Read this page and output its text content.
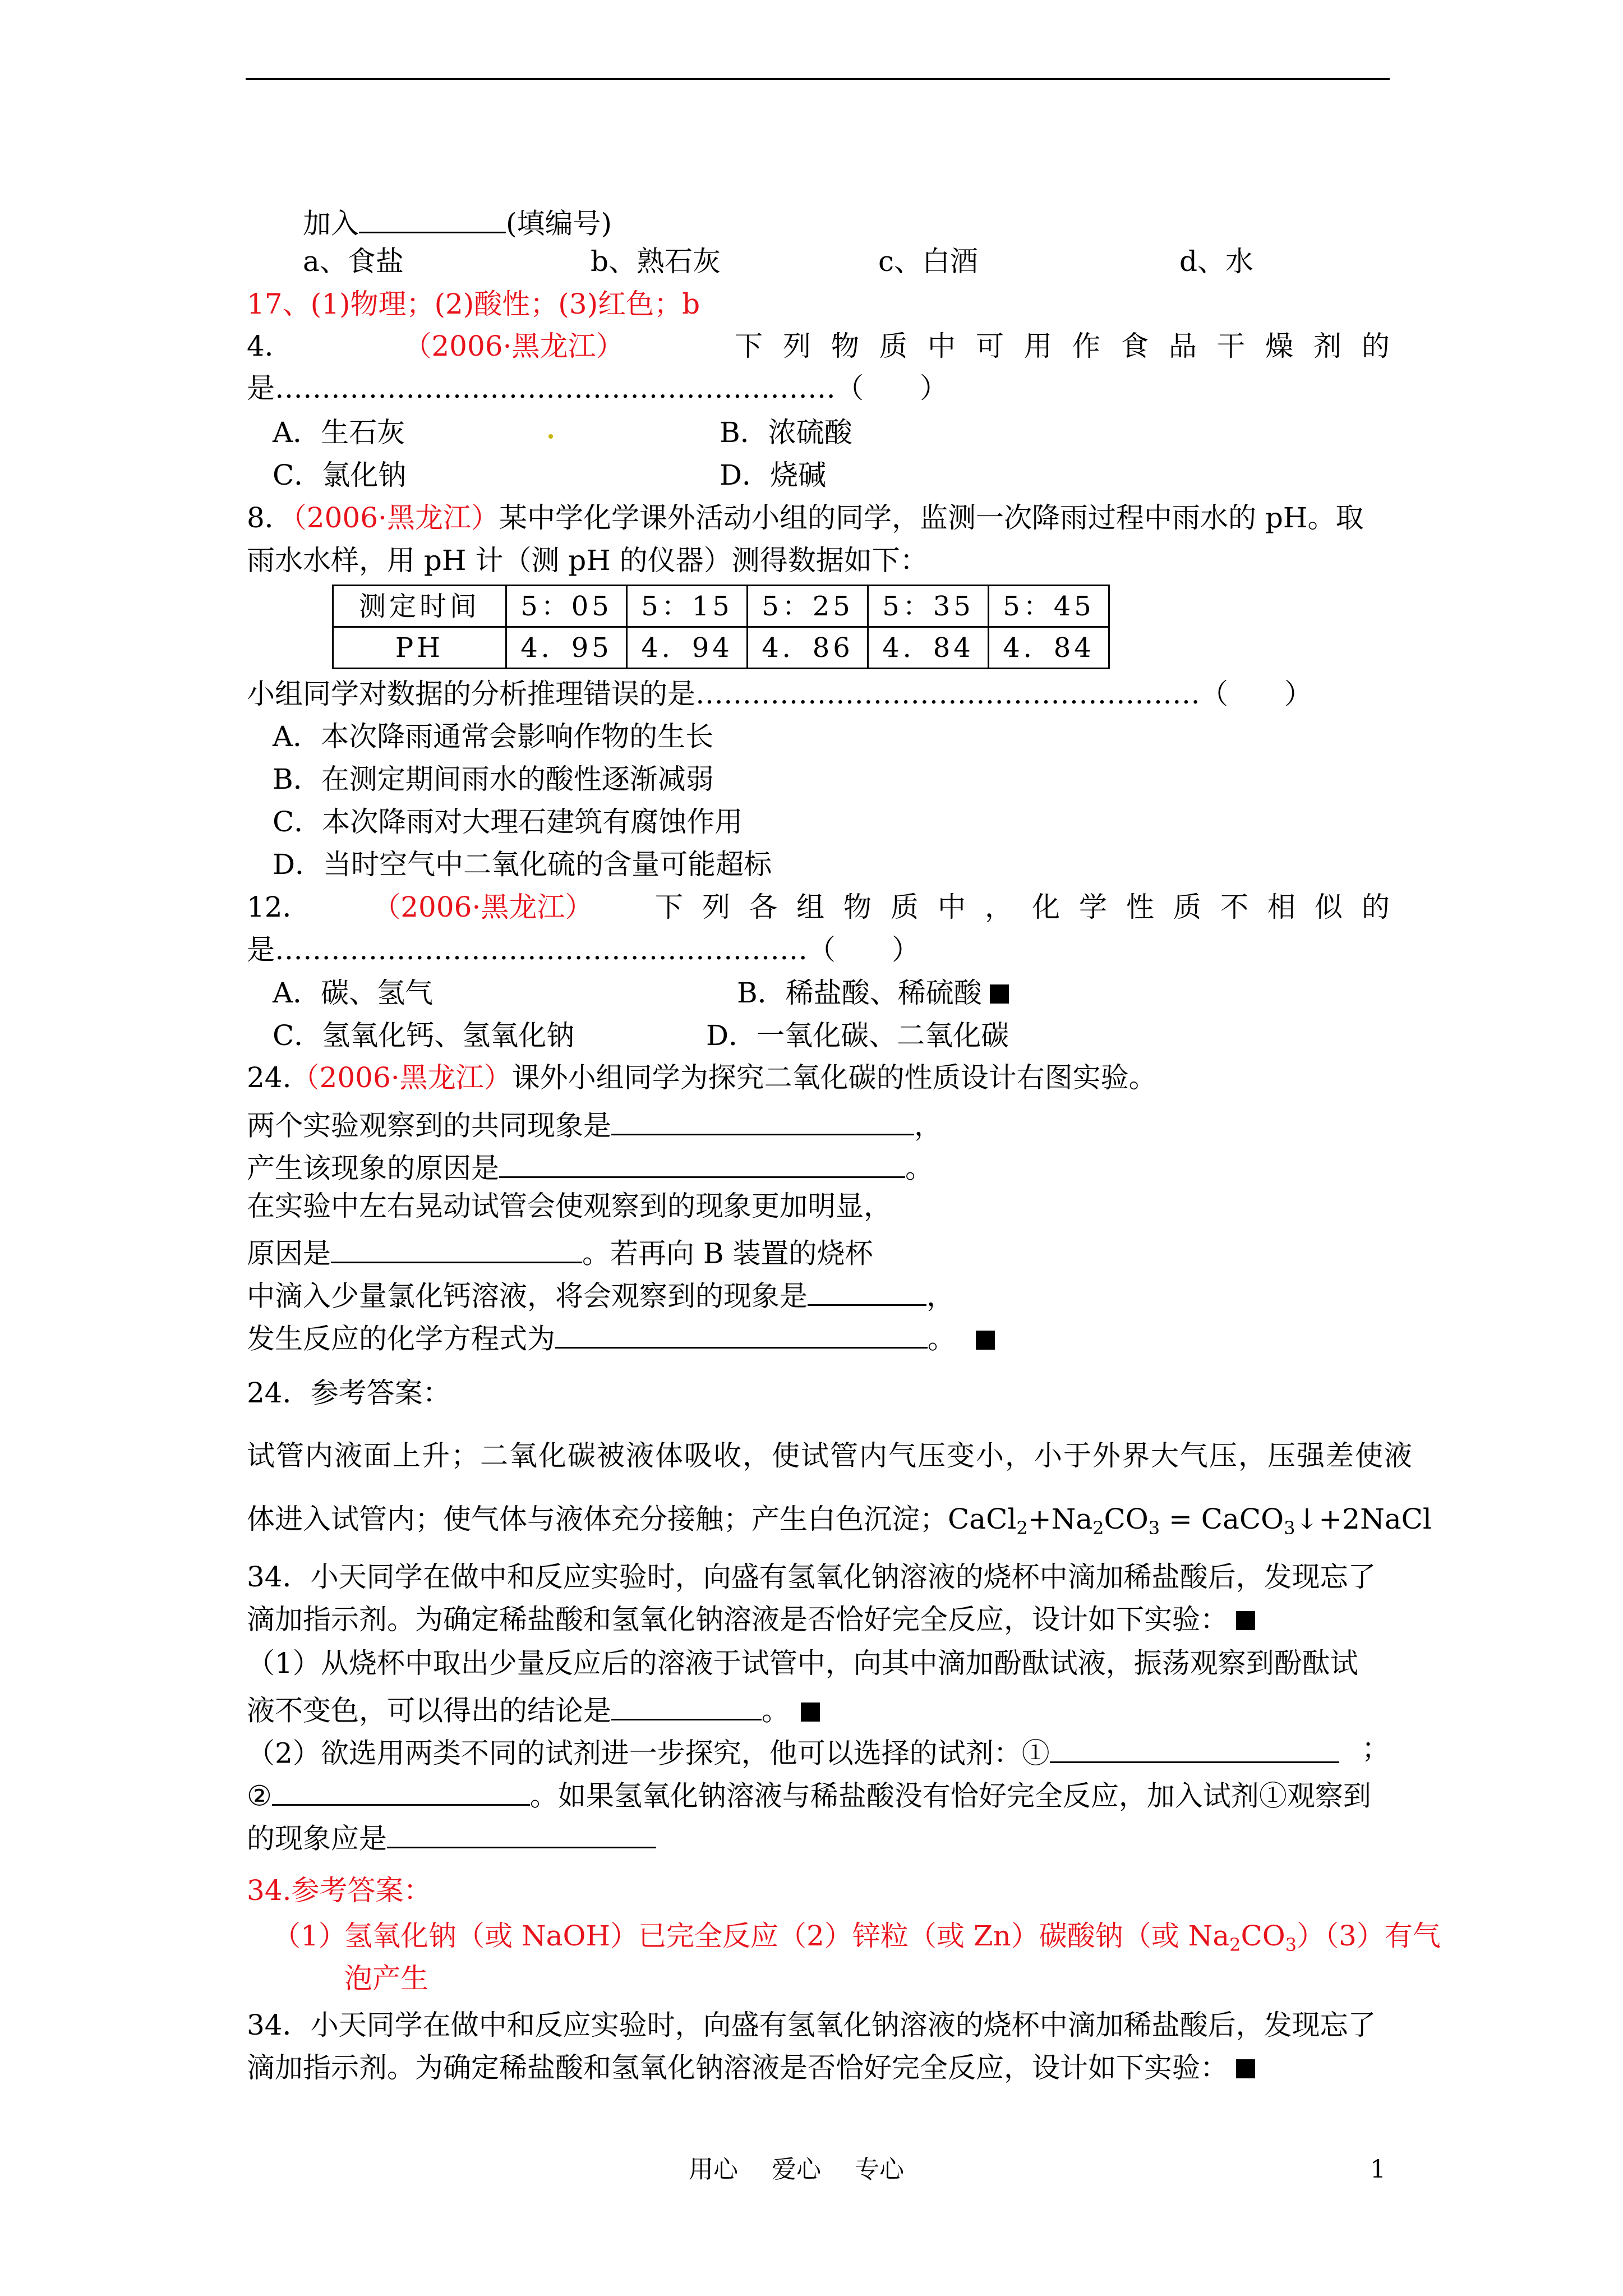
加入	(填编号)
a、食盐	b、熟石灰	c、白酒	d、水
17、(1)物理；(2)酸性；(3)红色；b
4．	（2006·黑龙江）	下列物质中可用作食品干燥剂的
是……………………………………………………（　　）
A．生石灰	B．浓硫酸
C．氯化钠	D．烧碱
8．（2006·黑龙江）某中学化学课外活动小组的同学，监测一次降雨过程中雨水的 pH。取
雨水水样，用 pH 计（测 pH 的仪器）测得数据如下：
测定时间	5：05	5：15	5：25	5：35	5：45
PH	4．95	4．94	4．86	4．84	4．84
小组同学对数据的分析推理错误的是………………………………………………（　　）
A．本次降雨通常会影响作物的生长
B．在测定期间雨水的酸性逐渐减弱
C．本次降雨对大理石建筑有腐蚀作用
D．当时空气中二氧化硫的含量可能超标
12． （2006·黑龙江） 下列各组物质中，化学性质不相似的
是…………………………………………………（　　）
A．碳、氢气	B．稀盐酸、稀硫酸
C．氢氧化钙、氢氧化钠	D．一氧化碳、二氧化碳
24.（2006·黑龙江）课外小组同学为探究二氧化碳的性质设计右图实验。
两个实验观察到的共同现象是	，
产生该现象的原因是	。
在实验中左右晃动试管会使观察到的现象更加明显，
原因是	。若再向 B 装置的烧杯
中滴入少量氯化钙溶液，将会观察到的现象是	，
发生反应的化学方程式为	。
24．参考答案：
试管内液面上升；二氧化碳被液体吸收，使试管内气压变小，小于外界大气压，压强差使液
体进入试管内；使气体与液体充分接触；产生白色沉淀；$CaCl_2+Na_2CO_3$ = CaCO$_3$↓+2NaCl
34．小天同学在做中和反应实验时，向盛有氢氧化钠溶液的烧杯中滴加稀盐酸后，发现忘了
滴加指示剂。为确定稀盐酸和氢氧化钠溶液是否恰好完全反应，设计如下实验：
（1）从烧杯中取出少量反应后的溶液于试管中，向其中滴加酚酞试液，振荡观察到酚酞试
液不变色，可以得出的结论是	。
（2）欲选用两类不同的试剂进一步探究，他可以选择的试剂：①	；
②	。如果氢氧化钠溶液与稀盐酸没有恰好完全反应，加入试剂①观察到
的现象应是
34.参考答案：
（1）
氢氧化钠（或 NaOH）已完全反应（2）锌粒（或 Zn）碳酸钠（或 $Na_2CO_3)(3)$有气
泡产生
34．小天同学在做中和反应实验时，向盛有氢氧化钠溶液的烧杯中滴加稀盐酸后，发现忘了
滴加指示剂。为确定稀盐酸和氢氧化钠溶液是否恰好完全反应，设计如下实验：
用心 爱心 专心	1
